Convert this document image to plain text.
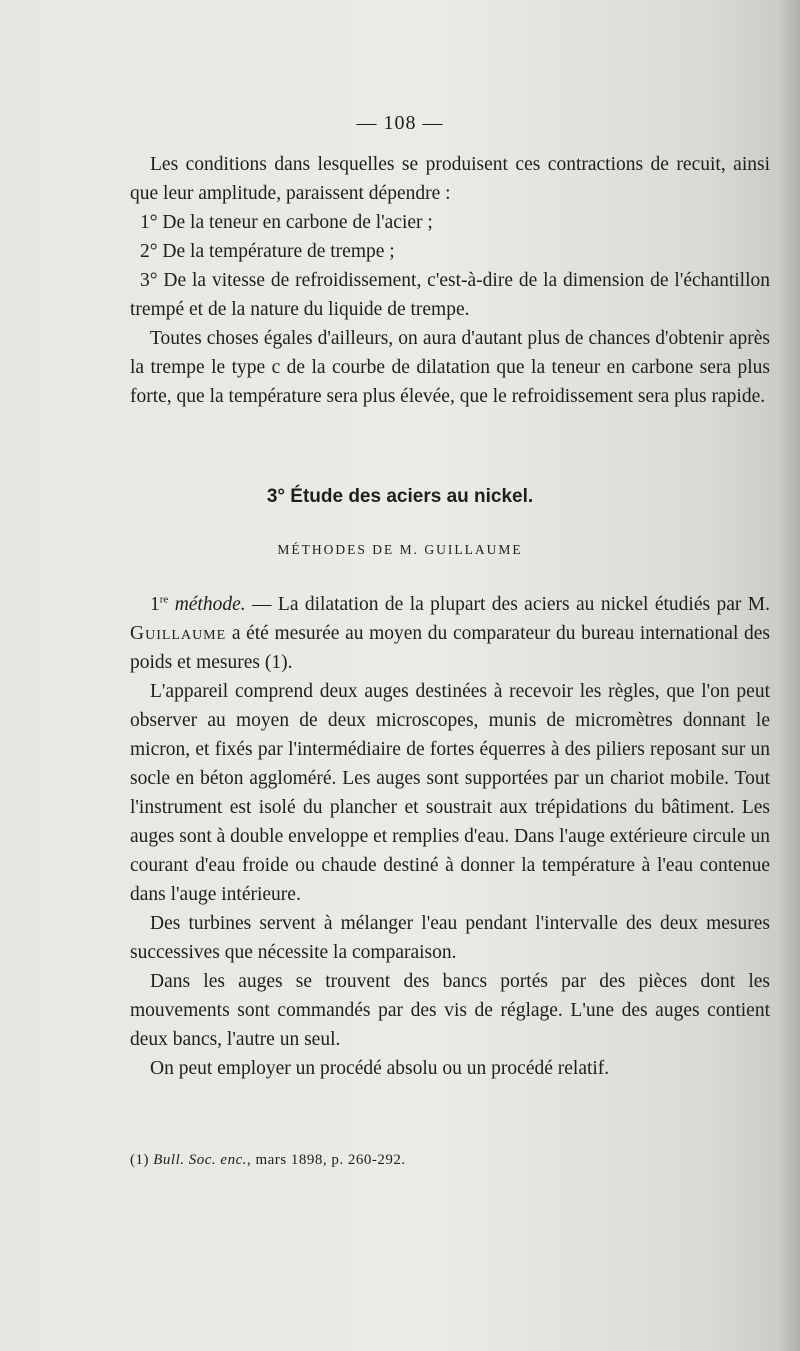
— 108 —

Les conditions dans lesquelles se produisent ces contractions de recuit, ainsi que leur amplitude, paraissent dépendre :

1° De la teneur en carbone de l'acier ;

2° De la température de trempe ;

3° De la vitesse de refroidissement, c'est-à-dire de la dimension de l'échantillon trempé et de la nature du liquide de trempe.

Toutes choses égales d'ailleurs, on aura d'autant plus de chances d'obtenir après la trempe le type c de la courbe de dilatation que la teneur en carbone sera plus forte, que la température sera plus élevée, que le refroidissement sera plus rapide.

3° Étude des aciers au nickel.
MÉTHODES DE M. GUILLAUME

1re méthode. — La dilatation de la plupart des aciers au nickel étudiés par M. Guillaume a été mesurée au moyen du comparateur du bureau international des poids et mesures (1).

L'appareil comprend deux auges destinées à recevoir les règles, que l'on peut observer au moyen de deux microscopes, munis de micromètres donnant le micron, et fixés par l'intermédiaire de fortes équerres à des piliers reposant sur un socle en béton aggloméré. Les auges sont supportées par un chariot mobile. Tout l'instrument est isolé du plancher et soustrait aux trépidations du bâtiment. Les auges sont à double enveloppe et remplies d'eau. Dans l'auge extérieure circule un courant d'eau froide ou chaude destiné à donner la température à l'eau contenue dans l'auge intérieure.

Des turbines servent à mélanger l'eau pendant l'intervalle des deux mesures successives que nécessite la comparaison.

Dans les auges se trouvent des bancs portés par des pièces dont les mouvements sont commandés par des vis de réglage. L'une des auges contient deux bancs, l'autre un seul.

On peut employer un procédé absolu ou un procédé relatif.

(1) Bull. Soc. enc., mars 1898, p. 260-292.
